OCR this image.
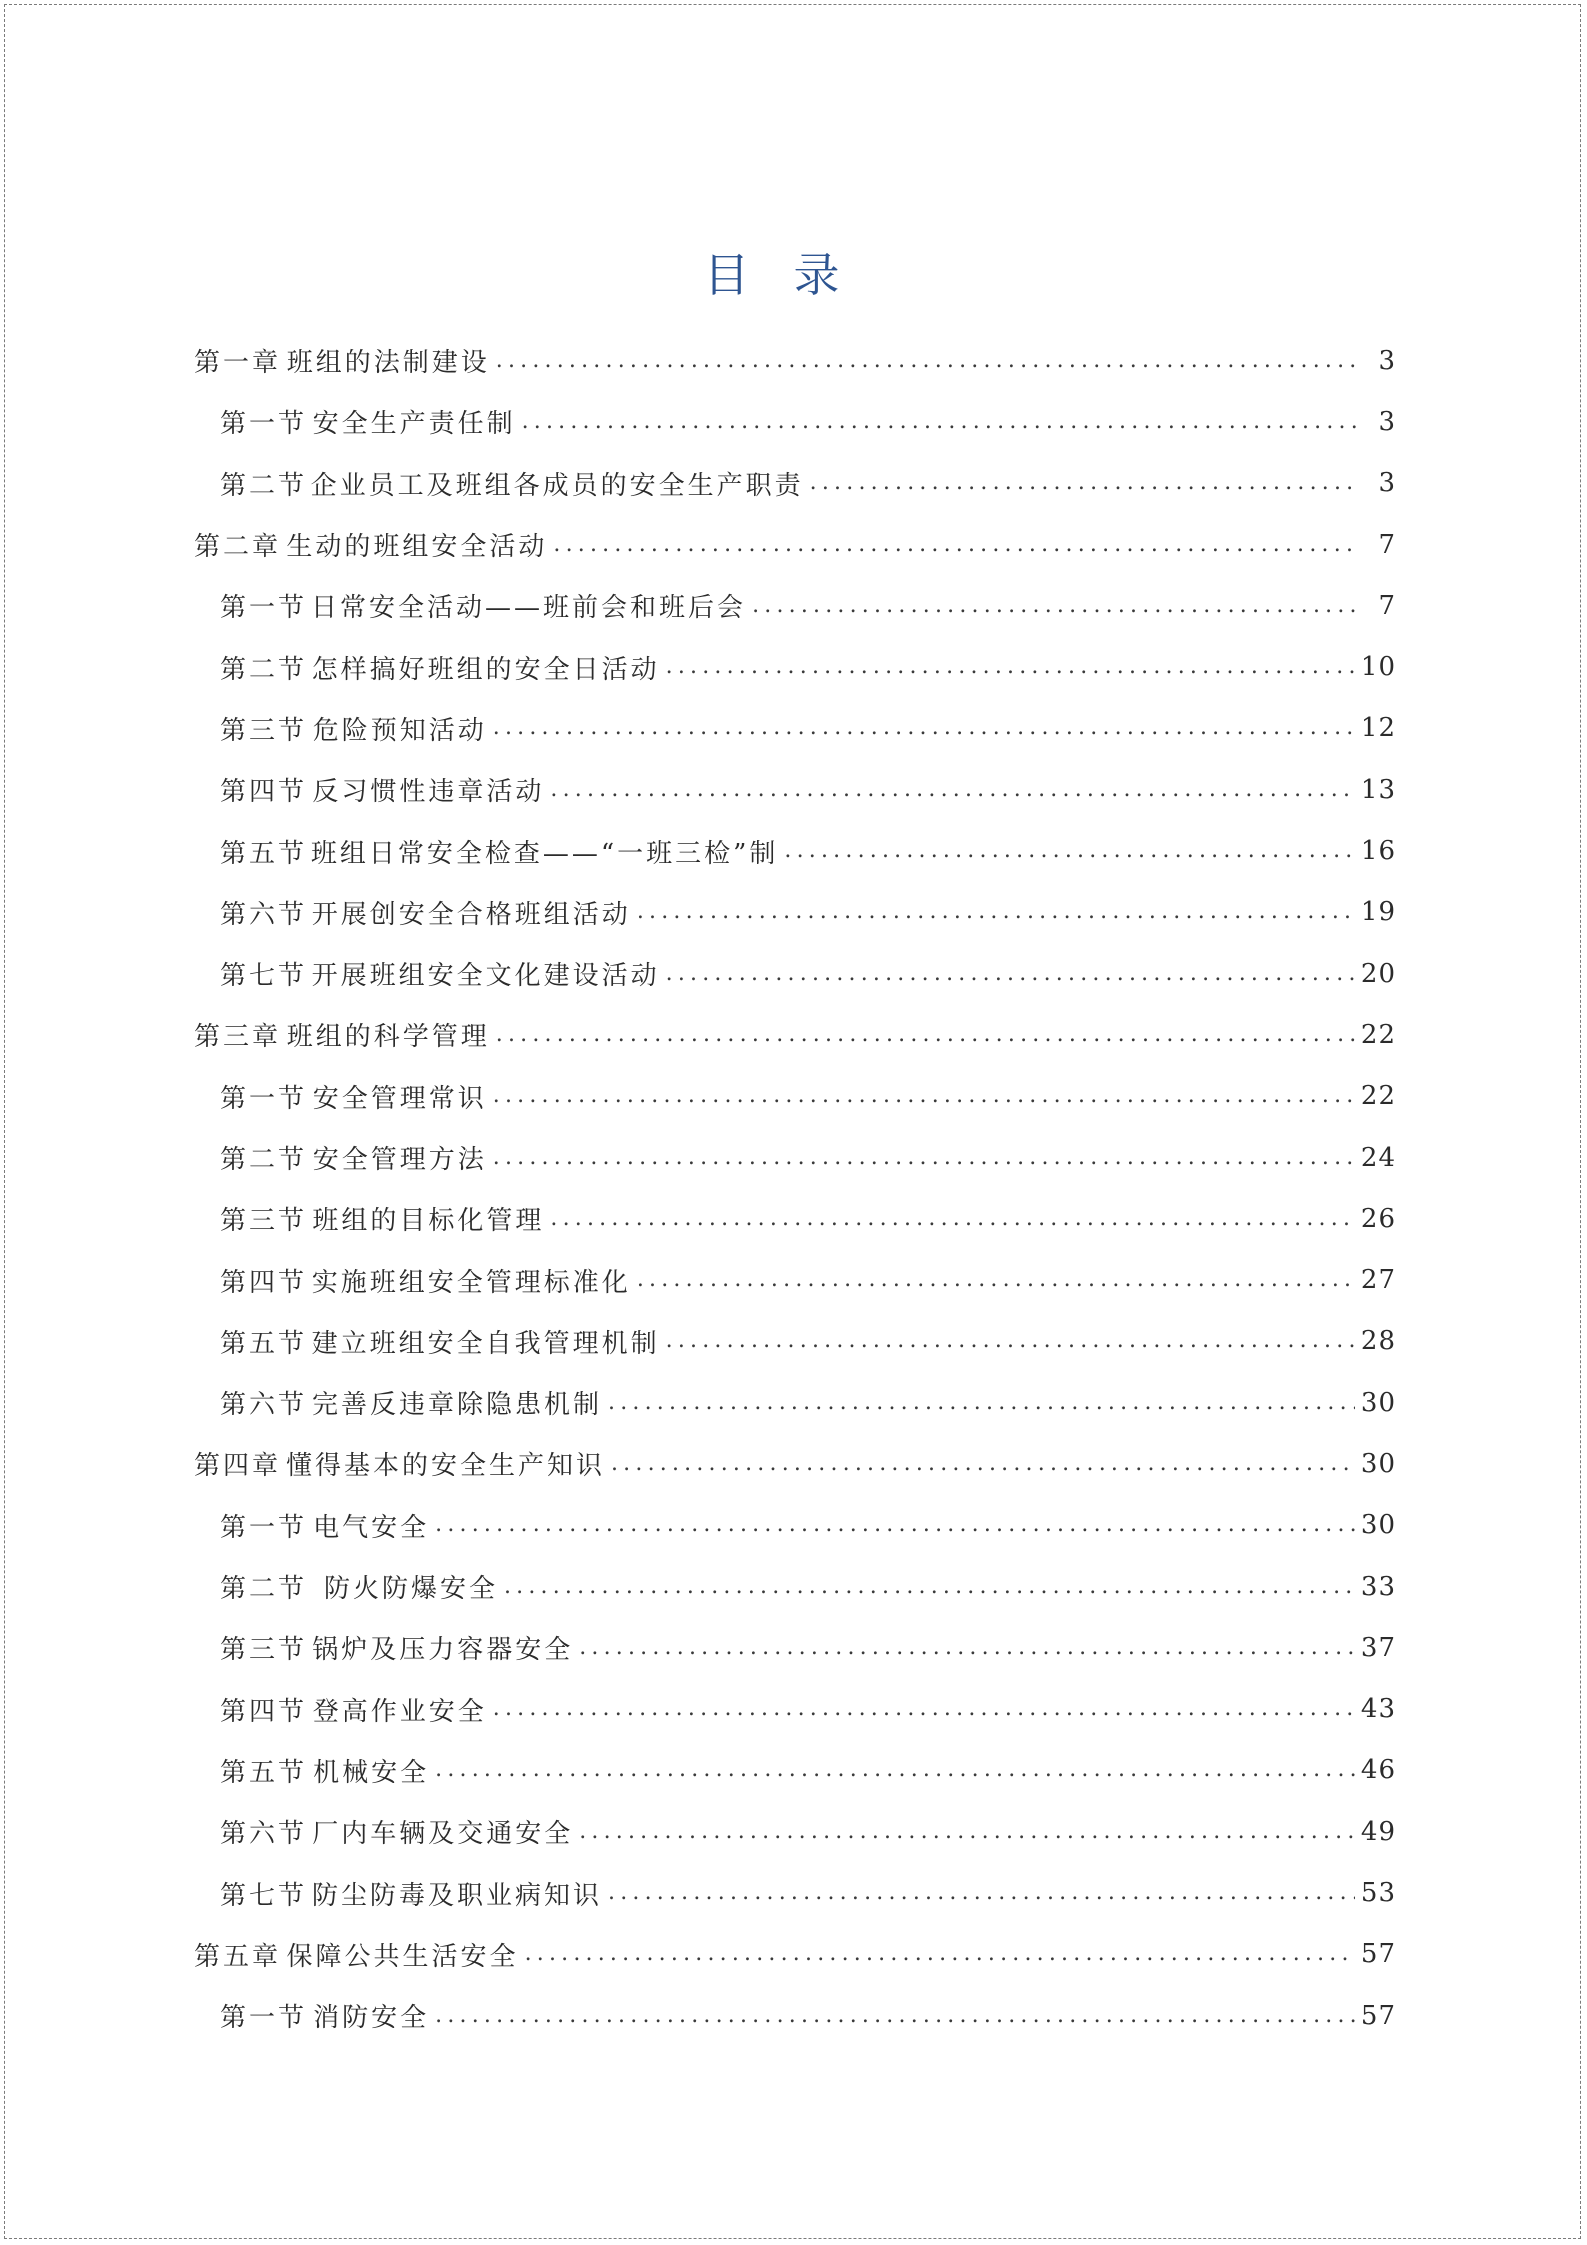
目录
第一章 班组的法制建设 .....	3
第一节 安全生产责任制 .....	3
第二节 企业员工及班组各成员的安全生产职责 .....	3
第二章 生动的班组安全活动 .....	7
第一节 日常安全活动——班前会和班后会 .....	7
第二节 怎样搞好班组的安全日活动 .....	10
第三节 危险预知活动 .....	12
第四节 反习惯性违章活动 .....	13
第五节 班组日常安全检查——“一班三检”制 .....	16
第六节 开展创安全合格班组活动 .....	19
第七节 开展班组安全文化建设活动 .....	20
第三章 班组的科学管理 .....	22
第一节 安全管理常识 .....	22
第二节 安全管理方法 .....	24
第三节 班组的目标化管理 .....	26
第四节 实施班组安全管理标准化 .....	27
第五节 建立班组安全自我管理机制 .....	28
第六节 完善反违章除隐患机制 .....	30
第四章 懂得基本的安全生产知识 .....	30
第一节 电气安全 .....	30
第二节 防火防爆安全 .....	33
第三节 锅炉及压力容器安全 .....	37
第四节 登高作业安全 .....	43
第五节 机械安全 .....	46
第六节 厂内车辆及交通安全 .....	49
第七节 防尘防毒及职业病知识 .....	53
第五章 保障公共生活安全 .....	57
第一节 消防安全 .....	57
